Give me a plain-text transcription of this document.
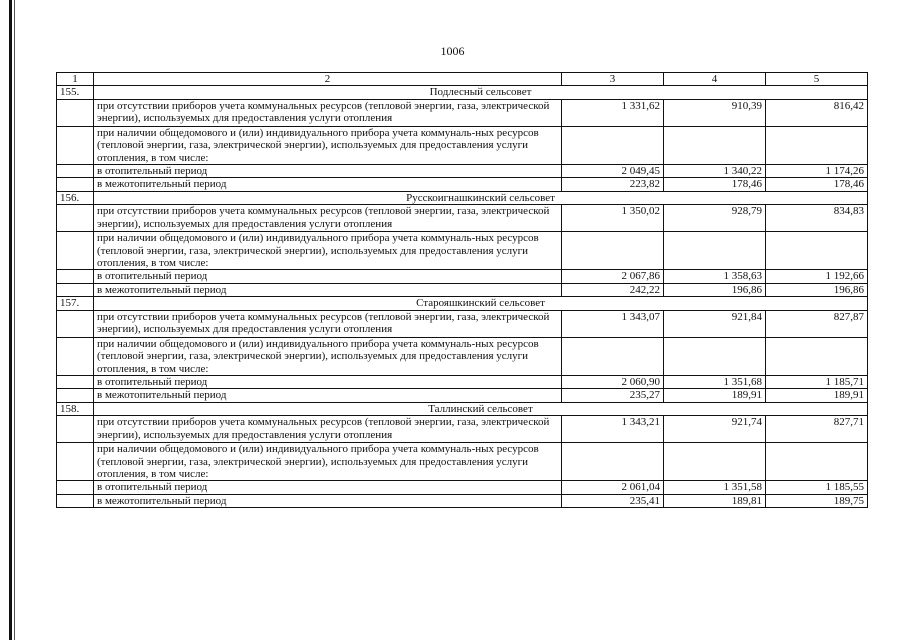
1006
1	2	3	4	5
155.	Подлесный сельсовет			
	при отсутствии приборов учета коммунальных ресурсов (тепловой энергии, газа, электрической энергии), используемых для предоставления услуги отопления	1 331,62	910,39	816,42
	при наличии общедомового и (или) индивидуального прибора учета коммуналь-ных ресурсов (тепловой энергии, газа, электрической энергии), используемых для предоставления услуги отопления, в том числе:			
	в отопительный период	2 049,45	1 340,22	1 174,26
	в межотопительный период	223,82	178,46	178,46
156.	Русскоигнашкинский сельсовет			
	при отсутствии приборов учета коммунальных ресурсов (тепловой энергии, газа, электрической энергии), используемых для предоставления услуги отопления	1 350,02	928,79	834,83
	при наличии общедомового и (или) индивидуального прибора учета коммуналь-ных ресурсов (тепловой энергии, газа, электрической энергии), используемых для предоставления услуги отопления, в том числе:			
	в отопительный период	2 067,86	1 358,63	1 192,66
	в межотопительный период	242,22	196,86	196,86
157.	Старояшкинский сельсовет			
	при отсутствии приборов учета коммунальных ресурсов (тепловой энергии, газа, электрической энергии), используемых для предоставления услуги отопления	1 343,07	921,84	827,87
	при наличии общедомового и (или) индивидуального прибора учета коммуналь-ных ресурсов (тепловой энергии, газа, электрической энергии), используемых для предоставления услуги отопления, в том числе:			
	в отопительный период	2 060,90	1 351,68	1 185,71
	в межотопительный период	235,27	189,91	189,91
158.	Таллинский сельсовет			
	при отсутствии приборов учета коммунальных ресурсов (тепловой энергии, газа, электрической энергии), используемых для предоставления услуги отопления	1 343,21	921,74	827,71
	при наличии общедомового и (или) индивидуального прибора учета коммуналь-ных ресурсов (тепловой энергии, газа, электрической энергии), используемых для предоставления услуги отопления, в том числе:			
	в отопительный период	2 061,04	1 351,58	1 185,55
	в межотопительный период	235,41	189,81	189,75
